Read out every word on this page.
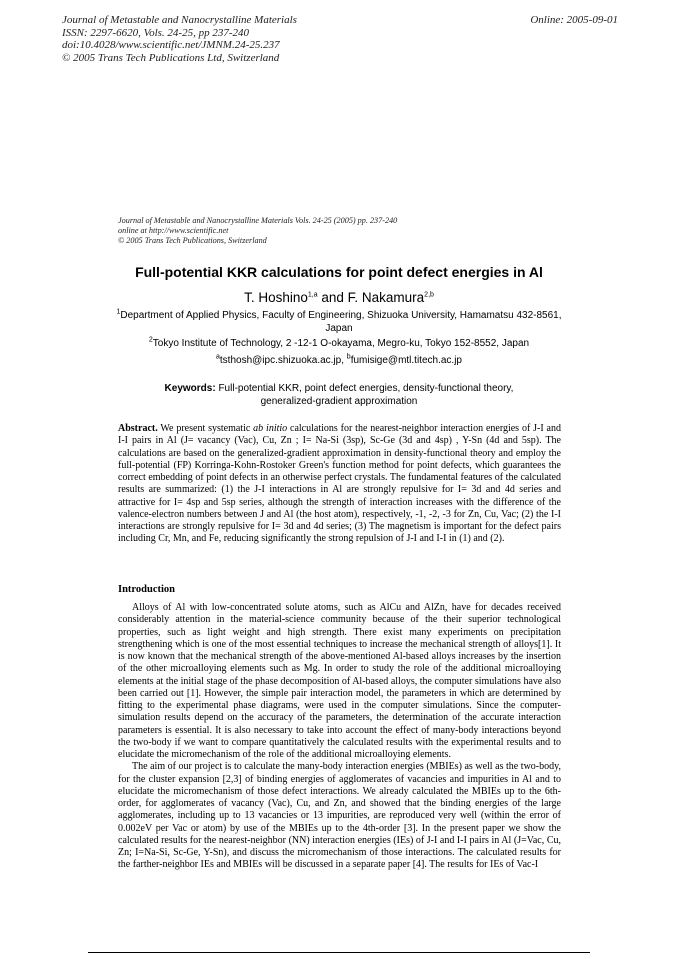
Journal of Metastable and Nanocrystalline Materials
ISSN: 2297-6620, Vols. 24-25, pp 237-240
doi:10.4028/www.scientific.net/JMNM.24-25.237
© 2005 Trans Tech Publications Ltd, Switzerland
Online: 2005-09-01
Journal of Metastable and Nanocrystalline Materials Vols. 24-25 (2005) pp. 237-240
online at http://www.scientific.net
© 2005 Trans Tech Publications, Switzerland
Full-potential KKR calculations for point defect energies in Al
T. Hoshino$^{1,a}$ and F. Nakamura$^{2,b}$
$^1$Department of Applied Physics, Faculty of Engineering, Shizuoka University, Hamamatsu 432-8561, Japan
$^2$Tokyo Institute of Technology, 2 -12-1 O-okayama, Megro-ku, Tokyo 152-8552, Japan
$^a$tsthosh@ipc.shizuoka.ac.jp, $^b$fumisige@mtl.titech.ac.jp
Keywords: Full-potential KKR, point defect energies, density-functional theory, generalized-gradient approximation
Abstract. We present systematic ab initio calculations for the nearest-neighbor interaction energies of J-I and I-I pairs in Al (J= vacancy (Vac), Cu, Zn ; I= Na-Si (3sp), Sc-Ge (3d and 4sp) , Y-Sn (4d and 5sp). The calculations are based on the generalized-gradient approximation in density-functional theory and employ the full-potential (FP) Korringa-Kohn-Rostoker Green's function method for point defects, which guarantees the correct embedding of point defects in an otherwise perfect crystals. The fundamental features of the calculated results are summarized: (1) the J-I interactions in Al are strongly repulsive for I= 3d and 4d series and attractive for I= 4sp and 5sp series, although the strength of interaction increases with the difference of the valence-electron numbers between J and Al (the host atom), respectively, -1, -2, -3 for Zn, Cu, Vac; (2) the I-I interactions are strongly repulsive for I= 3d and 4d series; (3) The magnetism is important for the defect pairs including Cr, Mn, and Fe, reducing significantly the strong repulsion of J-I and I-I in (1) and (2).
Introduction

Alloys of Al with low-concentrated solute atoms, such as AlCu and AlZn, have for decades received considerably attention in the material-science community because of the their superior technological properties, such as light weight and high strength. There exist many experiments on precipitation strengthening which is one of the most essential techniques to increase the mechanical strength of alloys[1]. It is now known that the mechanical strength of the above-mentioned Al-based alloys increases by the insertion of the other microalloying elements such as Mg. In order to study the role of the additional microalloying elements at the initial stage of the phase decomposition of Al-based alloys, the computer simulations have also been carried out [1]. However, the simple pair interaction model, the parameters in which are determined by fitting to the experimental phase diagrams, were used in the computer simulations. Since the computer-simulation results depend on the accuracy of the parameters, the determination of the accurate interaction parameters is essential. It is also necessary to take into account the effect of many-body interactions beyond the two-body if we want to compare quantitatively the calculated results with the experimental results and to elucidate the micromechanism of the role of the additional microalloying elements.

The aim of our project is to calculate the many-body interaction energies (MBIEs) as well as the two-body, for the cluster expansion [2,3] of binding energies of agglomerates of vacancies and impurities in Al and to elucidate the micromechanism of those defect interactions. We already calculated the MBIEs up to the 6th-order, for agglomerates of vacancy (Vac), Cu, and Zn, and showed that the binding energies of the large agglomerates, including up to 13 vacancies or 13 impurities, are reproduced very well (within the error of 0.002eV per Vac or atom) by use of the MBIEs up to the 4th-order [3]. In the present paper we show the calculated results for the nearest-neighbor (NN) interaction energies (IEs) of J-I and I-I pairs in Al (J=Vac, Cu, Zn; I=Na-Si, Sc-Ge, Y-Sn), and discuss the micromechanism of those interactions. The calculated results for the farther-neighbor IEs and MBIEs will be discussed in a separate paper [4]. The results for IEs of Vac-I
